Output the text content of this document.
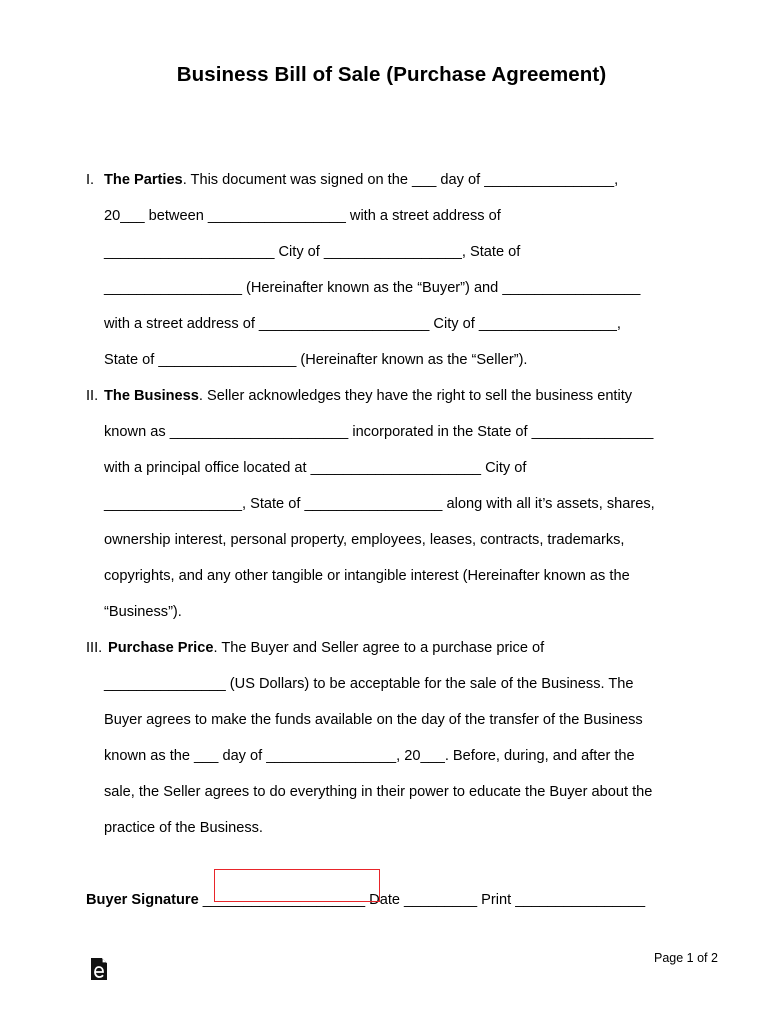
Business Bill of Sale (Purchase Agreement)
I. The Parties. This document was signed on the ___ day of ________________,
20___ between _________________ with a street address of
_____________________ City of _________________, State of
_________________ (Hereinafter known as the “Buyer”) and _________________
with a street address of _____________________ City of _________________,
State of _________________ (Hereinafter known as the “Seller”).
II. The Business. Seller acknowledges they have the right to sell the business entity
known as ______________________ incorporated in the State of _______________
with a principal office located at _____________________ City of
_________________, State of _________________ along with all it’s assets, shares,
ownership interest, personal property, employees, leases, contracts, trademarks,
copyrights, and any other tangible or intangible interest (Hereinafter known as the
“Business”).
III. Purchase Price. The Buyer and Seller agree to a purchase price of
_______________ (US Dollars) to be acceptable for the sale of the Business. The
Buyer agrees to make the funds available on the day of the transfer of the Business
known as the ___ day of ________________, 20___. Before, during, and after the
sale, the Seller agrees to do everything in their power to educate the Buyer about the
practice of the Business.
Buyer Signature ____________________ Date _________ Print ________________
Page 1 of 2
